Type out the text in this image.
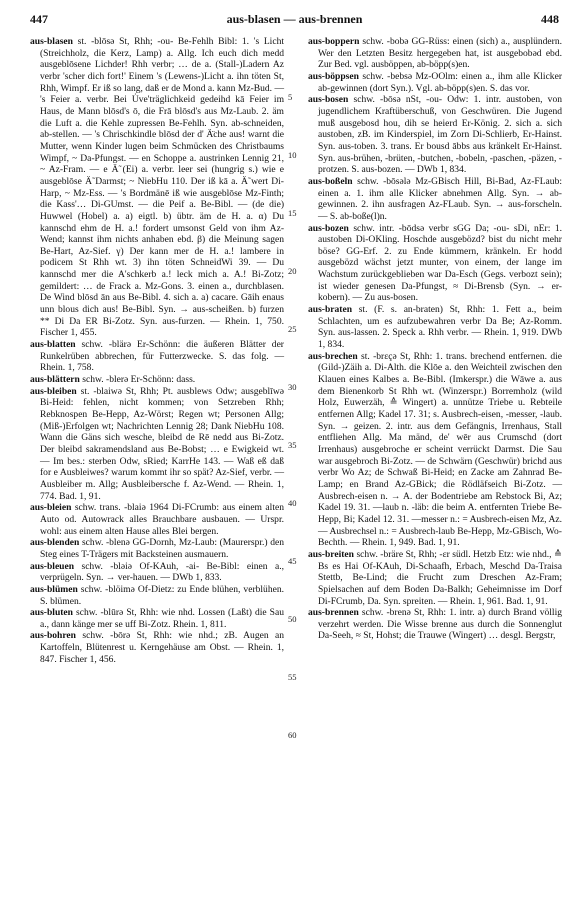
447	aus-blasen — aus-brennen	448
aus-blasen st. -blōsə St, Rhh; -ou- Be-Fehlh Bibl: 1. 's Licht (Streichholz, die Kerz, Lamp) a. Allg. Ich euch dich medd ausgeblōsene Lichder! Rhh verbr; … de a. (Stall-)Ladern Az verbr 'scher dich fort!' Einem 's (Lewens-)Licht a. ihn töten St, Rhh, Wimpf. Er iß so lang, daß er de Mond a. kann Mz-Bud. — 's Feier a. verbr. Bei U̇ve'träglichkeid gedeihd kā Feier im Haus, de Mann blōsd's ō, die Frā blōsd's aus Mz-Laub. 2. äm die Luft a. die Kehle zupressen Be-Fehlh. Syn. ab-schneiden, ab-stellen. — 's Chrischkindle blōsd der d' Ä̈che aus! warnt die Mutter, wenn Kinder lugen beim Schmücken des Christbaums Wimpf, ~ Da-Pfungst. — en Schoppe a. austrinken Lennig 21, ~ Az-Fram. — e Ä̃ (Ei) a. verbr. leer sei (hungrig s.) wie e ausgeblōse Ä̃ Darmst; ~ NiebHu 110. Der iß kā a. Ä̃ wert Di-Harp, ~ Mz-Ess. — 's Bordmänē iß wie ausgeblōse Mz-Finth; die Kass'… Di-GUmst. — die Peif a. Be-Bibl. — (de die) Huwwel (Hobel) a. a) eigtl. b) übtr. äm de H. a. α) Du kannschd ehm de H. a.! fordert umsonst Geld von ihm Az-Wend; kannst ihm nichts anhaben ebd. β) die Meinung sagen Be-Hart, Az-Sief. γ) Der kann mer de H. a.! lambere in podicem St Rhh wt. 3) ihn töten SchneidWi 39. — Du kannschd mer die A'schkerb a.! leck mich a. A.! Bi-Zotz; gemildert: … de Frack a. Mz-Gons. 3. einen a., durchblasen. De Wind blōsd ān aus Be-Bibl. 4. sich a. a) cacare. Gāih enaus unn blous dich aus! Be-Bibl. Syn. → aus-scheißen. b) furzen ** Di Da ER Bi-Zotz. Syn. aus-furzen. — Rhein. 1, 750. Fischer 1, 455.
aus-blatten schw. -blärə Er-Schönn: die äußeren Blätter der Runkelrüben abbrechen, für Futterzwecke. S. das folg. — Rhein. 1, 758.
aus-blättern schw. -blerə Er-Schönn: dass.
aus-bleiben st. -blaiwə St, Rhh; Pt. ausblews Odw; ausgeblīwə Bi-Heid: fehlen, nicht kommen; von Setzreben Rhh; Rebknospen Be-Hepp, Az-Wörst; Regen wt; Personen Allg; (Miß-)Erfolgen wt; Nachrichten Lennig 28; Dank NiebHu 108. Wann die Gäns sich wesche, bleibd de Rē nedd aus Bi-Zotz. Der bleibd sakramendsland aus Be-Bobst; … e Ewigkeid wt. — Im bes.: sterben Odw, sRied; KarrHe 143. — Waß eß daß for e Ausbleiwes? warum kommt ihr so spät? Az-Sief, verbr. — Ausbleiber m. Allg; Ausbleibersche f. Az-Wend. — Rhein. 1, 774. Bad. 1, 91.
aus-bleien schw. trans. -blaiə 1964 Di-FCrumb: aus einem alten Auto od. Autowrack alles Brauchbare ausbauen. — Urspr. wohl: aus einem alten Hause alles Blei bergen.
aus-blenden schw. -blenə GG-Dornh, Mz-Laub: (Maurerspr.) den Steg eines T-Trägers mit Backsteinen ausmauern.
aus-bleuen schw. -bləiə Of-KAuh, -ai- Be-Bibl: einen a., verprügeln. Syn. → ver-hauen. — DWb 1, 833.
aus-blümen schw. -blöimə Of-Dietz: zu Ende blühen, verblühen. S. blümen.
aus-bluten schw. -blūrə St, Rhh: wie nhd. Lossen (Laßt) die Sau a., dann känge mer se uff Bi-Zotz. Rhein. 1, 811.
aus-bohren schw. -bōrə St, Rhh: wie nhd.; zB. Augen an Kartoffeln, Blütenrest u. Kerngehäuse am Obst. — Rhein. 1, 847. Fischer 1, 456.
5
10
15
20
25
30
35
40
45
50
55
60
aus-boppern schw. -bobə GG-Rüss: einen (sich) a., ausplündern. Wer den Letzten Besitz hergegeben hat, ist ausgebobəd ebd. Zur Bed. vgl. ausböppen, ab-böpp(s)en.
aus-böppsen schw. -bebsə Mz-OOlm: einen a., ihm alle Klicker ab-gewinnen (dort Syn.). Vgl. ab-böpp(s)en. S. das vor.
aus-bosen schw. -bōsə nSt, -ou- Odw: 1. intr. austoben, von jugendlichem Kraftüberschuß, von Geschwüren. Die Jugend muß ausgebosd hou, dih se heierd Er-König. 2. sich a. sich austoben, zB. im Kinderspiel, im Zorn Di-Schlierb, Er-Hainst. Syn. aus-toben. 3. trans. Er bousd ābbs aus kränkelt Er-Hainst. Syn. aus-brühen, -brüten, -butchen, -bobeln, -paschen, -päzen, -protzen. S. aus-bozen. — DWb 1, 834.
aus-boßeln schw. -bōsələ Mz-GBisch Hill, Bi-Bad, Az-FLaub: einen a. 1. ihm alle Klicker abnehmen Allg. Syn. → ab-gewinnen. 2. ihn ausfragen Az-FLaub. Syn. → aus-forscheln. — S. ab-boße(l)n.
aus-bozen schw. intr. -bōdsə verbr sGG Da; -ou- sDi, nEr: 1. austoben Di-OKling. Hoschde ausgebözd? bist du nicht mehr böse? GG-Erf. 2. zu Ende kümmern, kränkeln. Er hodd ausgebözd wächst jetzt munter, von einem, der lange im Wachstum zurückgeblieben war Da-Esch (Gegs. verbozt sein); ist wieder genesen Da-Pfungst, ≈ Di-Brensb (Syn. → er-kobern). — Zu aus-bosen.
aus-braten st. (F. s. an-braten) St, Rhh: 1. Fett a., beim Schlachten, um es aufzubewahren verbr Da Be; Az-Romm. Syn. aus-lassen. 2. Speck a. Rhh verbr. — Rhein. 1, 919. DWb 1, 834.
aus-brechen st. -brɛçə St, Rhh: 1. trans. brechend entfernen. die (Gild-)Zäih a. Di-Alth. die Klōe a. den Weichteil zwischen den Klauen eines Kalbes a. Be-Bibl. (Imkerspr.) die Wāwe a. aus dem Bienenkorb St Rhh wt. (Winzerspr.) Borremholz (wild Holz, Euwerzäh, ≙ Wingert) a. unnütze Triebe u. Rebteile entfernen Allg; Kadel 17. 31; s. Ausbrech-eisen, -messer, -laub. Syn. → geizen. 2. intr. aus dem Gefängnis, Irrenhaus, Stall entfliehen Allg. Ma mänd, de' wēr aus Crumschd (dort Irrenhaus) ausgebroche er scheint verrückt Darmst. Die Sau war ausgebroch Bi-Zotz. — de Schwärn (Geschwür) brichd aus verbr Wo Az; de Schwaß Bi-Heid; en Zacke am Zahnrad Be-Lamp; en Brand Az-GBick; die Rödläfseich Bi-Zotz. — Ausbrech-eisen n. → A. der Bodentriebe am Rebstock Bi, Az; Kadel 19. 31. —laub n. -läb: die beim A. entfernten Triebe Be-Hepp, Bi; Kadel 12. 31. —messer n.: = Ausbrech-eisen Mz, Az. — Ausbrechsel n.: = Ausbrech-laub Be-Hepp, Mz-GBisch, Wo-Bechth. — Rhein. 1, 949. Bad. 1, 91.
aus-breiten schw. -bräre St, Rhh; -ɛr südl. Hetzb Etz: wie nhd., ≙ Bs es Hai Of-KAuh, Di-Schaafh, Erbach, Meschd Da-Traisa Stettb, Be-Lind; die Frucht zum Dreschen Az-Fram; Spielsachen auf dem Boden Da-Balkh; Geheimnisse im Dorf Di-FCrumb, Da. Syn. spreiten. — Rhein. 1, 961. Bad. 1, 91.
aus-brennen schw. -brenə St, Rhh: 1. intr. a) durch Brand völlig verzehrt werden. Die Wisse brenne aus durch die Sonnenglut Da-Seeh, ≈ St, Hohst; die Trauwe (Wingert) … desgl. Bergstr,
